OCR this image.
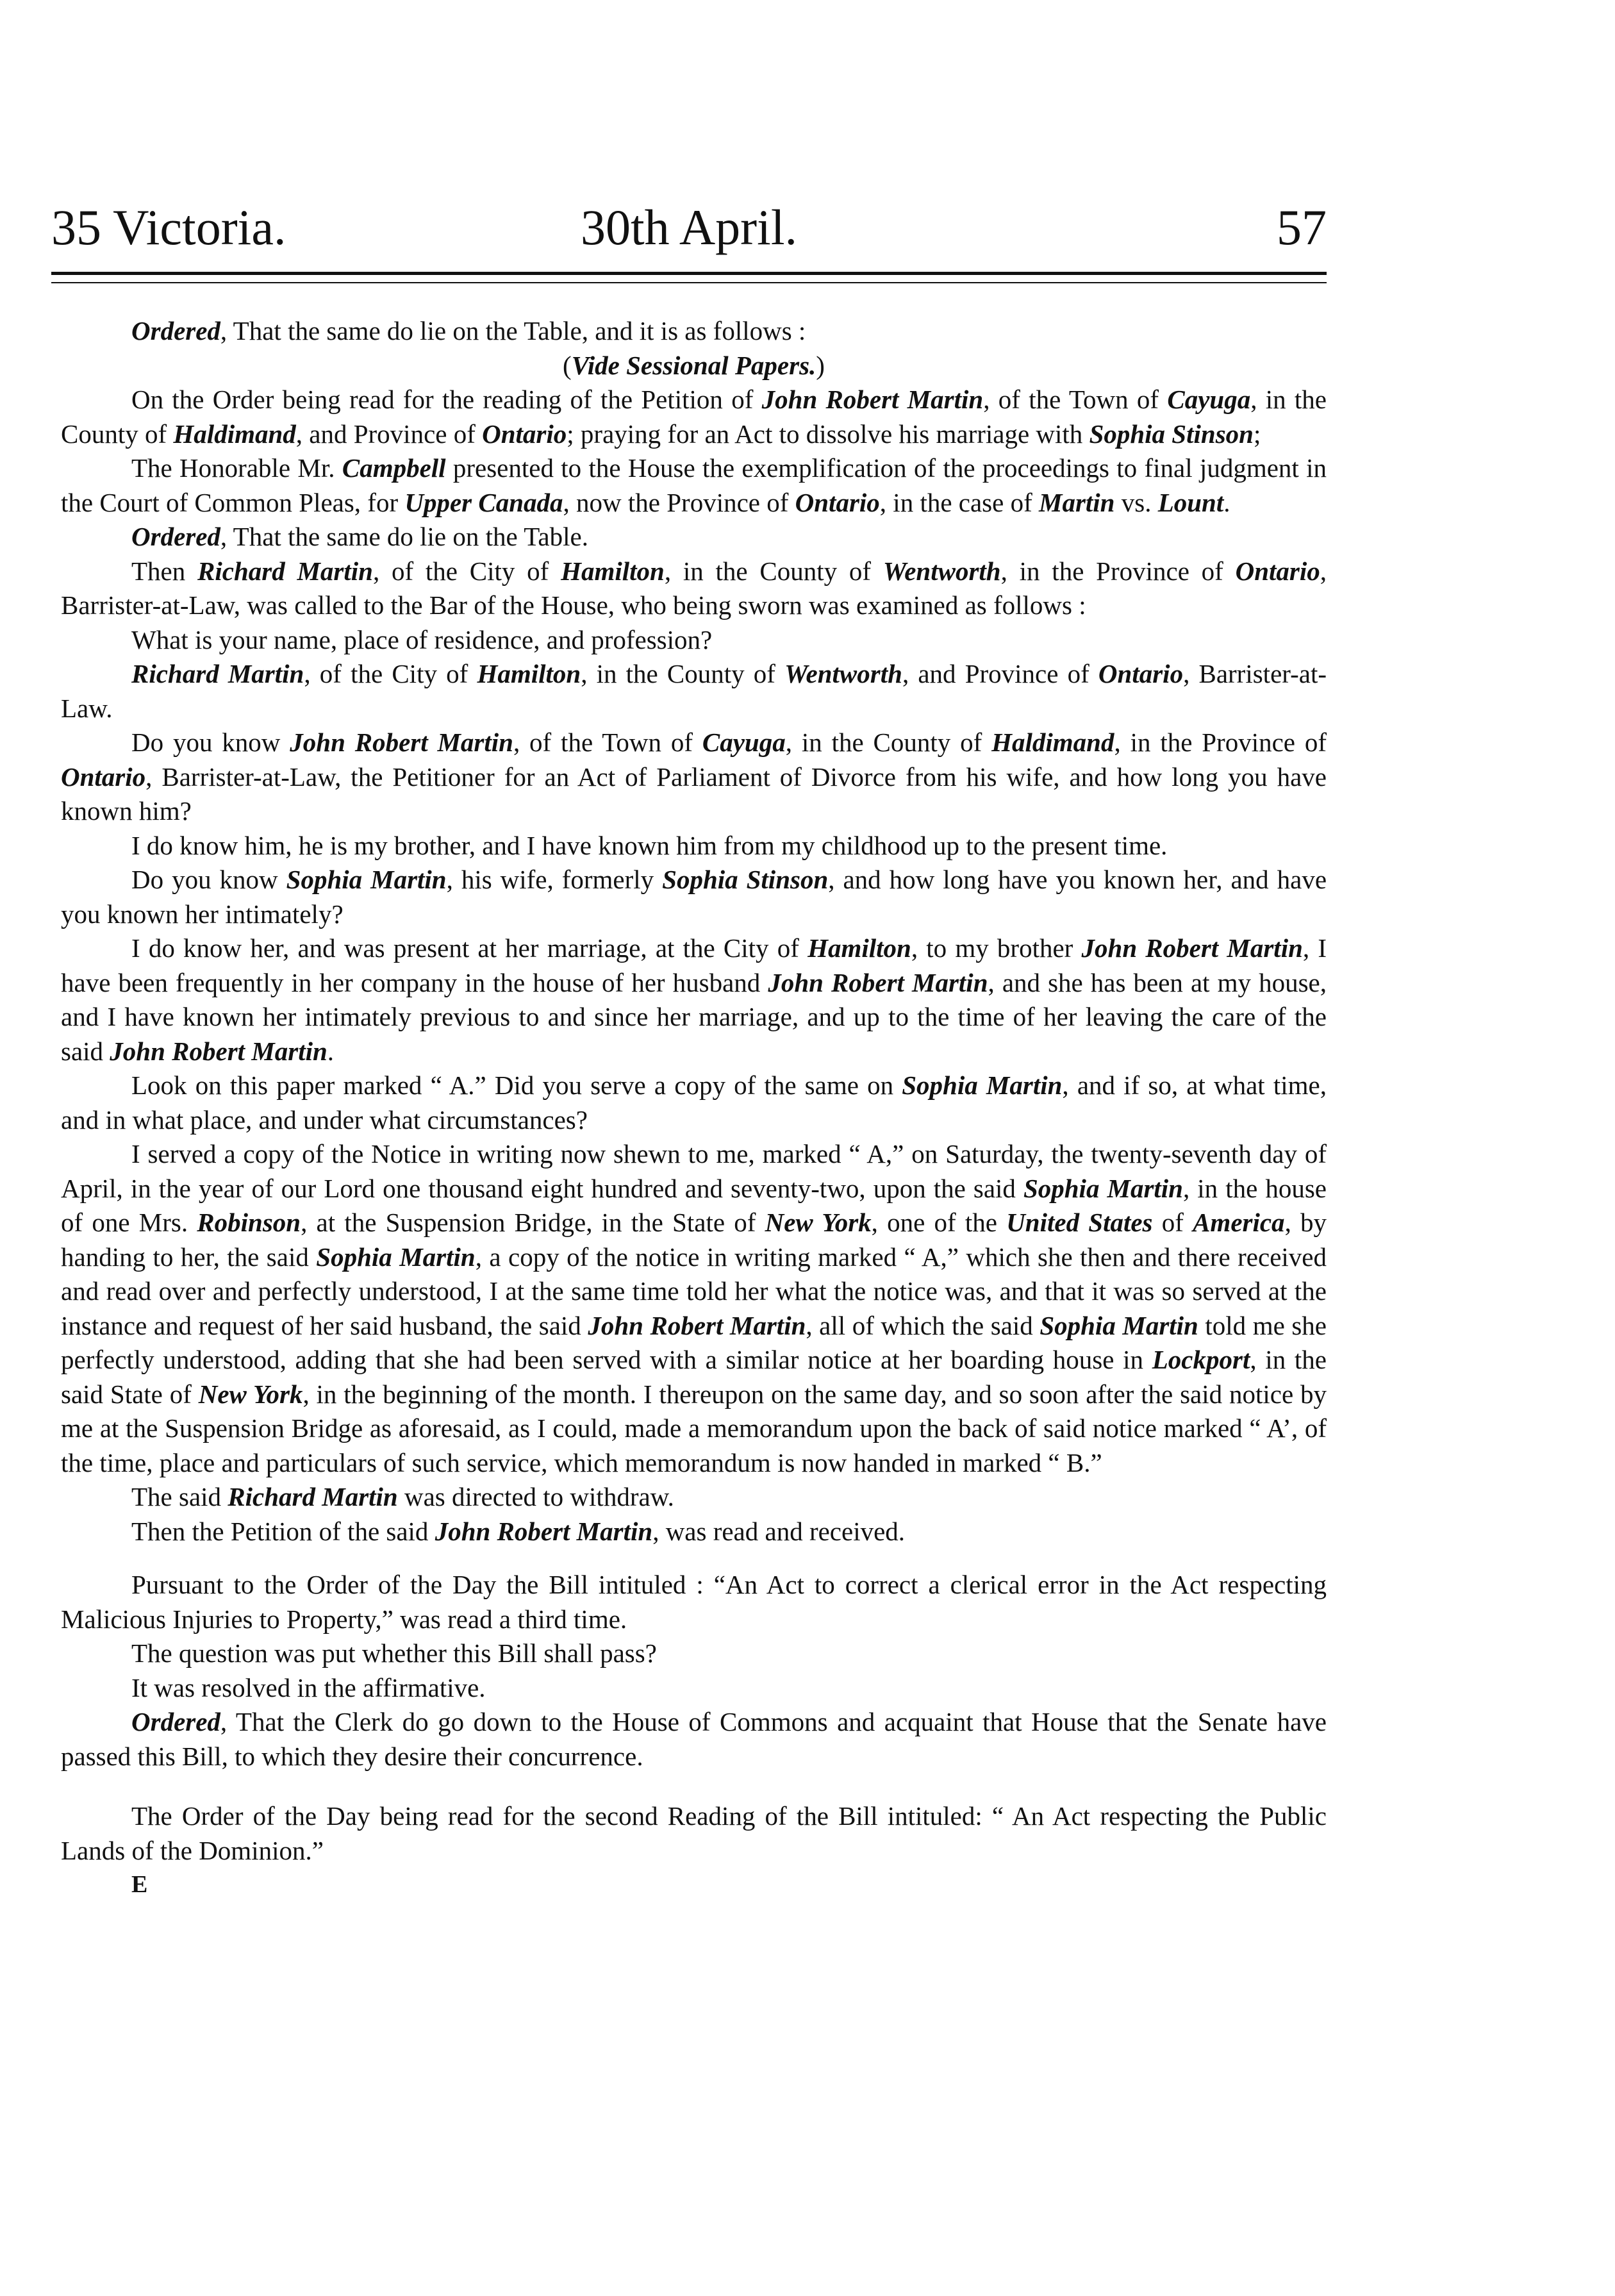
35 Victoria.	30th April.	57

Ordered, That the same do lie on the Table, and it is as follows :

(Vide Sessional Papers.)

On the Order being read for the reading of the Petition of John Robert Martin, of the Town of Cayuga, in the County of Haldimand, and Province of Ontario; praying for an Act to dissolve his marriage with Sophia Stinson;

The Honorable Mr. Campbell presented to the House the exemplification of the proceedings to final judgment in the Court of Common Pleas, for Upper Canada, now the Province of Ontario, in the case of Martin vs. Lount.

Ordered, That the same do lie on the Table.

Then Richard Martin, of the City of Hamilton, in the County of Wentworth, in the Province of Ontario, Barrister-at-Law, was called to the Bar of the House, who being sworn was examined as follows :

What is your name, place of residence, and profession?

Richard Martin, of the City of Hamilton, in the County of Wentworth, and Province of Ontario, Barrister-at-Law.

Do you know John Robert Martin, of the Town of Cayuga, in the County of Haldimand, in the Province of Ontario, Barrister-at-Law, the Petitioner for an Act of Parliament of Divorce from his wife, and how long you have known him?

I do know him, he is my brother, and I have known him from my childhood up to the present time.

Do you know Sophia Martin, his wife, formerly Sophia Stinson, and how long have you known her, and have you known her intimately?

I do know her, and was present at her marriage, at the City of Hamilton, to my brother John Robert Martin, I have been frequently in her company in the house of her husband John Robert Martin, and she has been at my house, and I have known her intimately previous to and since her marriage, and up to the time of her leaving the care of the said John Robert Martin.

Look on this paper marked “ A.” Did you serve a copy of the same on Sophia Martin, and if so, at what time, and in what place, and under what circumstances?

I served a copy of the Notice in writing now shewn to me, marked “ A,” on Saturday, the twenty-seventh day of April, in the year of our Lord one thousand eight hundred and seventy-two, upon the said Sophia Martin, in the house of one Mrs. Robinson, at the Suspension Bridge, in the State of New York, one of the United States of America, by handing to her, the said Sophia Martin, a copy of the notice in writing marked “ A,” which she then and there received and read over and perfectly understood, I at the same time told her what the notice was, and that it was so served at the instance and request of her said husband, the said John Robert Martin, all of which the said Sophia Martin told me she perfectly understood, adding that she had been served with a similar notice at her boarding house in Lockport, in the said State of New York, in the beginning of the month. I thereupon on the same day, and so soon after the said notice by me at the Suspension Bridge as aforesaid, as I could, made a memorandum upon the back of said notice marked “ A’, of the time, place and particulars of such service, which memorandum is now handed in marked “ B.”

The said Richard Martin was directed to withdraw.

Then the Petition of the said John Robert Martin, was read and received.

Pursuant to the Order of the Day the Bill intituled : “An Act to correct a clerical error in the Act respecting Malicious Injuries to Property,” was read a third time.

The question was put whether this Bill shall pass?

It was resolved in the affirmative.

Ordered, That the Clerk do go down to the House of Commons and acquaint that House that the Senate have passed this Bill, to which they desire their concurrence.

The Order of the Day being read for the second Reading of the Bill intituled: “ An Act respecting the Public Lands of the Dominion.”

E
